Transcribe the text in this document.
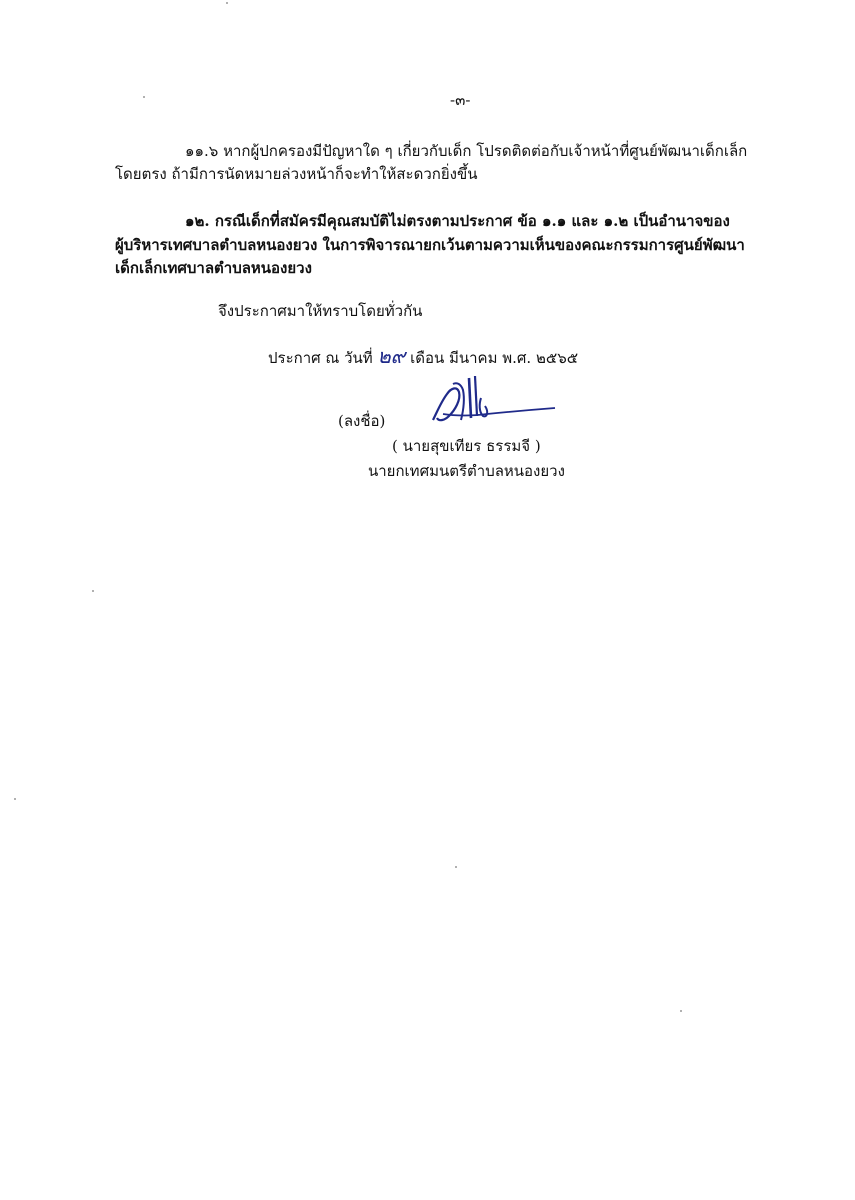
-๓-
๑๑.๖ หากผู้ปกครองมีปัญหาใด ๆ เกี่ยวกับเด็ก โปรดติดต่อกับเจ้าหน้าที่ศูนย์พัฒนาเด็กเล็ก
โดยตรง ถ้ามีการนัดหมายล่วงหน้าก็จะทำให้สะดวกยิ่งขึ้น
๑๒. กรณีเด็กที่สมัครมีคุณสมบัติไม่ตรงตามประกาศ ข้อ ๑.๑ และ ๑.๒ เป็นอำนาจของ
ผู้บริหารเทศบาลตำบลหนองยวง ในการพิจารณายกเว้นตามความเห็นของคณะกรรมการศูนย์พัฒนา
เด็กเล็กเทศบาลตำบลหนองยวง
จึงประกาศมาให้ทราบโดยทั่วกัน
ประกาศ ณ วันที่ ๒๙ เดือน มีนาคม พ.ศ. ๒๕๖๕
(ลงชื่อ)
( นายสุขเทียร ธรรมจี )
นายกเทศมนตรีตำบลหนองยวง
